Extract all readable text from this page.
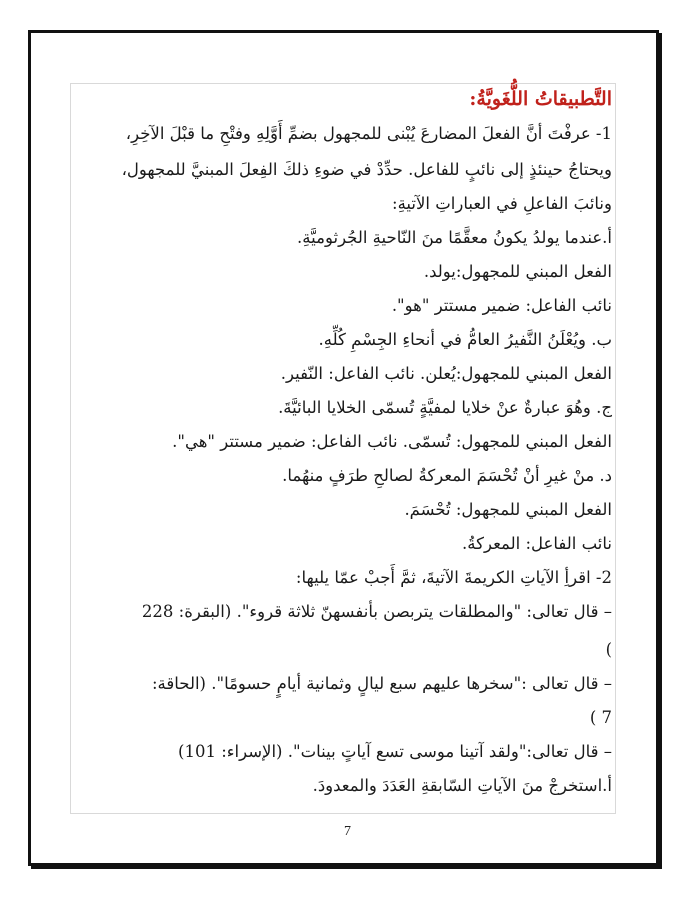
التَّطبيقاتُ اللُّغَويَّةُ:
1- عرفْتَ أنَّ الفعلَ المضارعَ يُبْنى للمجهول بضمِّ أَوَّلِهِ وفتْحِ ما قبْلَ الآخِرِ،
ويحتاجُ حينئذٍ إلى نائبٍ للفاعل. حدِّدْ في ضوءِ ذلكَ الفِعلَ المبنيَّ للمجهول،
ونائبَ الفاعلِ في العباراتِ الآتيةِ:
أ.عندما يولدُ يكونُ معقَّمًا منَ النّاحيةِ الجُرثوميَّةِ.
الفعل المبني للمجهول:يولد.
نائب الفاعل: ضمير مستتر "هو".
ب. ويُعْلَنُ النَّفيرُ العامُّ في أنحاءِ الجِسْمِ كُلِّهِ.
الفعل المبني للمجهول:يُعلن. نائب الفاعل: النّفير.
ج. وهُوَ عبارةٌ عنْ خلايا لمفيَّةٍ تُسمّى الخلايا البائيَّةَ.
الفعل المبني للمجهول: تُسمّى. نائب الفاعل: ضمير مستتر "هي".
د. منْ غيرِ أنْ تُحْسَمَ المعركةُ لصالحِ طرَفٍ منهُما.
الفعل المبني للمجهول: تُحْسَمَ.
نائب الفاعل: المعركةُ.
2- اقرأِ الآياتِ الكريمةَ الآتيةَ، ثمَّ أَجبْ عمّا يليها:
– قال تعالى: "والمطلقات يتربصن بأنفسهنّ ثلاثة قروء". (البقرة: 228
)
– قال تعالى :"سخرها عليهم سبع ليالٍ وثمانية أيامٍ حسومًا". (الحاقة:
7 )
– قال تعالى:"ولقد آتينا موسى تسع آياتٍ بينات". (الإسراء: 101)
أ.استخرجْ منَ الآياتِ السّابقةِ العَدَدَ والمعدودَ.
7
